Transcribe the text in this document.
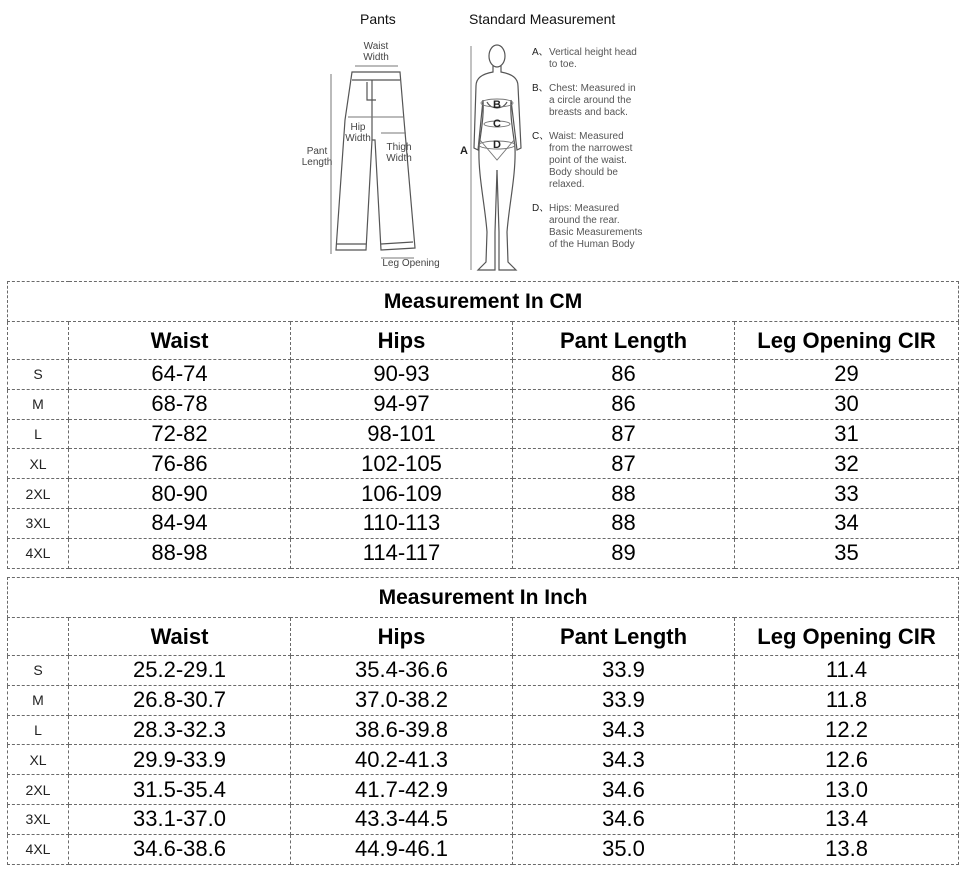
Pants	Standard Measurement
Waist
Width
Hip
Width
Pant
Length
Thigh
Width
Leg Opening
A
B
C
D
A、 Vertical height head
to toe.
B、 Chest: Measured in
a circle around the
breasts and back.
C、 Waist: Measured
from the narrowest
point of the waist.
Body should be
relaxed.
D、 Hips: Measured
around the rear.
Basic Measurements
of the Human Body
Measurement In CM				
	Waist	Hips	Pant Length	Leg Opening CIR
S	64-74	90-93	86	29
M	68-78	94-97	86	30
L	72-82	98-101	87	31
XL	76-86	102-105	87	32
2XL	80-90	106-109	88	33
3XL	84-94	110-113	88	34
4XL	88-98	114-117	89	35
Measurement In Inch				
	Waist	Hips	Pant Length	Leg Opening CIR
S	25.2-29.1	35.4-36.6	33.9	11.4
M	26.8-30.7	37.0-38.2	33.9	11.8
L	28.3-32.3	38.6-39.8	34.3	12.2
XL	29.9-33.9	40.2-41.3	34.3	12.6
2XL	31.5-35.4	41.7-42.9	34.6	13.0
3XL	33.1-37.0	43.3-44.5	34.6	13.4
4XL	34.6-38.6	44.9-46.1	35.0	13.8
